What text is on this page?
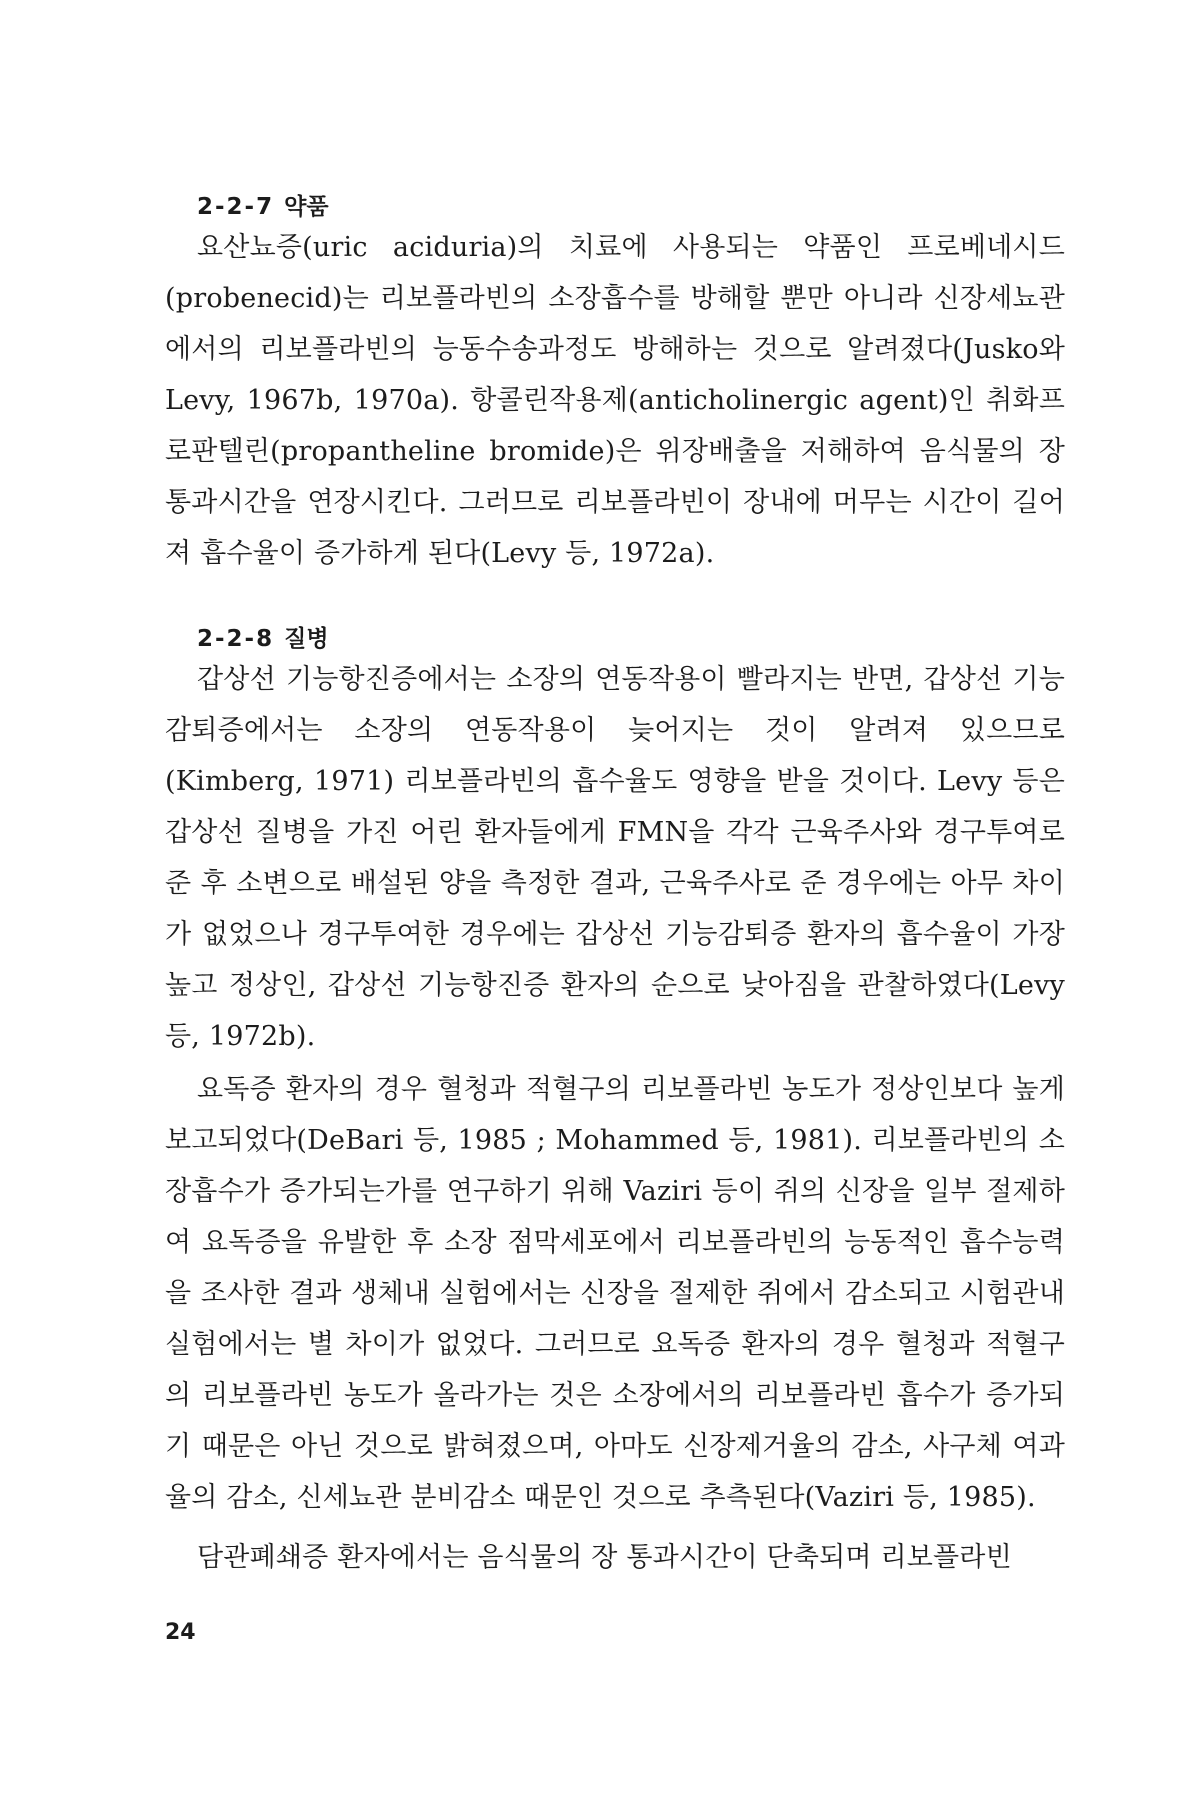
2-2-7 약품

요산뇨증(uric aciduria)의 치료에 사용되는 약품인 프로베네시드(probenecid)는 리보플라빈의 소장흡수를 방해할 뿐만 아니라 신장세뇨관에서의 리보플라빈의 능동수송과정도 방해하는 것으로 알려졌다(Jusko와 Levy, 1967b, 1970a). 항콜린작용제(anticholinergic agent)인 취화프로판텔린(propantheline bromide)은 위장배출을 저해하여 음식물의 장 통과시간을 연장시킨다. 그러므로 리보플라빈이 장내에 머무는 시간이 길어져 흡수율이 증가하게 된다(Levy 등, 1972a).

2-2-8 질병

갑상선 기능항진증에서는 소장의 연동작용이 빨라지는 반면, 갑상선 기능감퇴증에서는 소장의 연동작용이 늦어지는 것이 알려져 있으므로 (Kimberg, 1971) 리보플라빈의 흡수율도 영향을 받을 것이다. Levy 등은 갑상선 질병을 가진 어린 환자들에게 FMN을 각각 근육주사와 경구투여로 준 후 소변으로 배설된 양을 측정한 결과, 근육주사로 준 경우에는 아무 차이가 없었으나 경구투여한 경우에는 갑상선 기능감퇴증 환자의 흡수율이 가장 높고 정상인, 갑상선 기능항진증 환자의 순으로 낮아짐을 관찰하였다(Levy 등, 1972b).

요독증 환자의 경우 혈청과 적혈구의 리보플라빈 농도가 정상인보다 높게 보고되었다(DeBari 등, 1985 ; Mohammed 등, 1981). 리보플라빈의 소장흡수가 증가되는가를 연구하기 위해 Vaziri 등이 쥐의 신장을 일부 절제하여 요독증을 유발한 후 소장 점막세포에서 리보플라빈의 능동적인 흡수능력을 조사한 결과 생체내 실험에서는 신장을 절제한 쥐에서 감소되고 시험관내 실험에서는 별 차이가 없었다. 그러므로 요독증 환자의 경우 혈청과 적혈구의 리보플라빈 농도가 올라가는 것은 소장에서의 리보플라빈 흡수가 증가되기 때문은 아닌 것으로 밝혀졌으며, 아마도 신장제거율의 감소, 사구체 여과율의 감소, 신세뇨관 분비감소 때문인 것으로 추측된다(Vaziri 등, 1985).

담관폐쇄증 환자에서는 음식물의 장 통과시간이 단축되며 리보플라빈

24
